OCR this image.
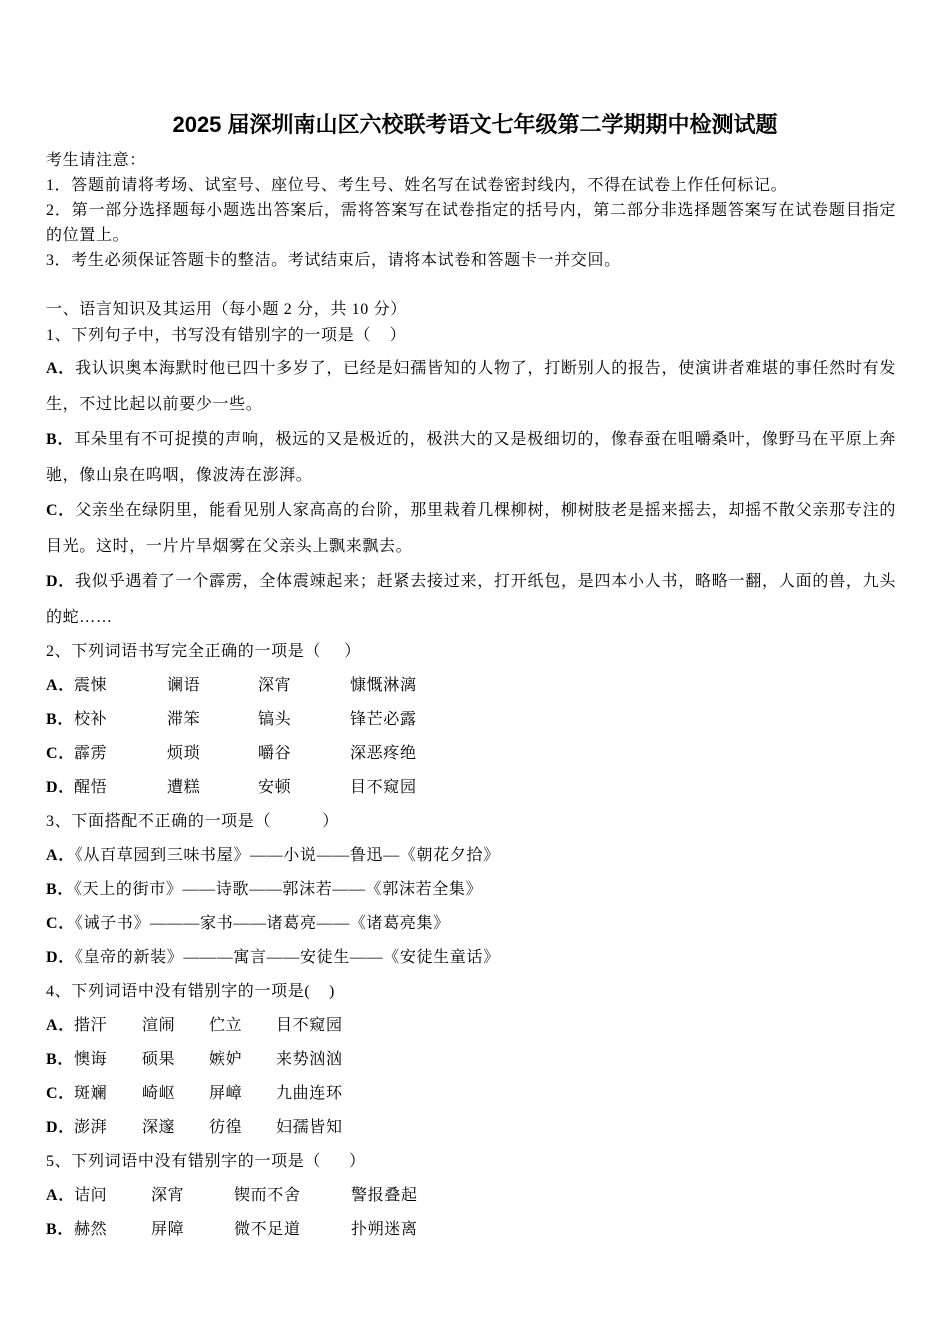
2025 届深圳南山区六校联考语文七年级第二学期期中检测试题

考生请注意：

1．答题前请将考场、试室号、座位号、考生号、姓名写在试卷密封线内，不得在试卷上作任何标记。

2．第一部分选择题每小题选出答案后，需将答案写在试卷指定的括号内，第二部分非选择题答案写在试卷题目指定的位置上。

3．考生必须保证答题卡的整洁。考试结束后，请将本试卷和答题卡一并交回。

一、语言知识及其运用（每小题 2 分，共 10 分）

1、下列句子中，书写没有错别字的一项是（    ）

A．我认识奥本海默时他已四十多岁了，已经是妇孺皆知的人物了，打断别人的报告，使演讲者难堪的事任然时有发生，不过比起以前要少一些。

B．耳朵里有不可捉摸的声响，极远的又是极近的，极洪大的又是极细切的，像春蚕在咀嚼桑叶，像野马在平原上奔驰，像山泉在呜咽，像波涛在澎湃。

C．父亲坐在绿阴里，能看见别人家高高的台阶，那里栽着几棵柳树，柳树肢老是摇来摇去，却摇不散父亲那专注的目光。这时，一片片旱烟雾在父亲头上飘来飘去。

D．我似乎遇着了一个霹雳，全体震竦起来；赶紧去接过来，打开纸包，是四本小人书，略略一翻，人面的兽，九头的蛇……

2、下列词语书写完全正确的一项是（     ）

A． 震悚	谰语	深宵	慷慨淋漓
B． 校补	滞笨	镐头	锋芒必露
C． 霹雳	烦琐	嚼谷	深恶疼绝
D． 醒悟	遭糕	安顿	目不窥园

3、下面搭配不正确的一项是（           ）

A．《从百草园到三味书屋》——小说——鲁迅—《朝花夕拾》

B．《天上的街市》——诗歌——郭沫若——《郭沫若全集》

C．《诫子书》———家书——诸葛亮——《诸葛亮集》

D．《皇帝的新装》———寓言——安徒生——《安徒生童话》

4、下列词语中没有错别字的一项是(    )

A． 揩汗 渲闹 伫立 目不窥园
B． 懊诲 硕果 嫉妒 来势汹汹
C． 斑斓 崎岖 屏嶂 九曲连环
D． 澎湃 深邃 彷徨 妇孺皆知

5、下列词语中没有错别字的一项是（      ）

A． 诘问	深宵	锲而不舍	警报叠起
B． 赫然	屏障	微不足道	扑朔迷离
